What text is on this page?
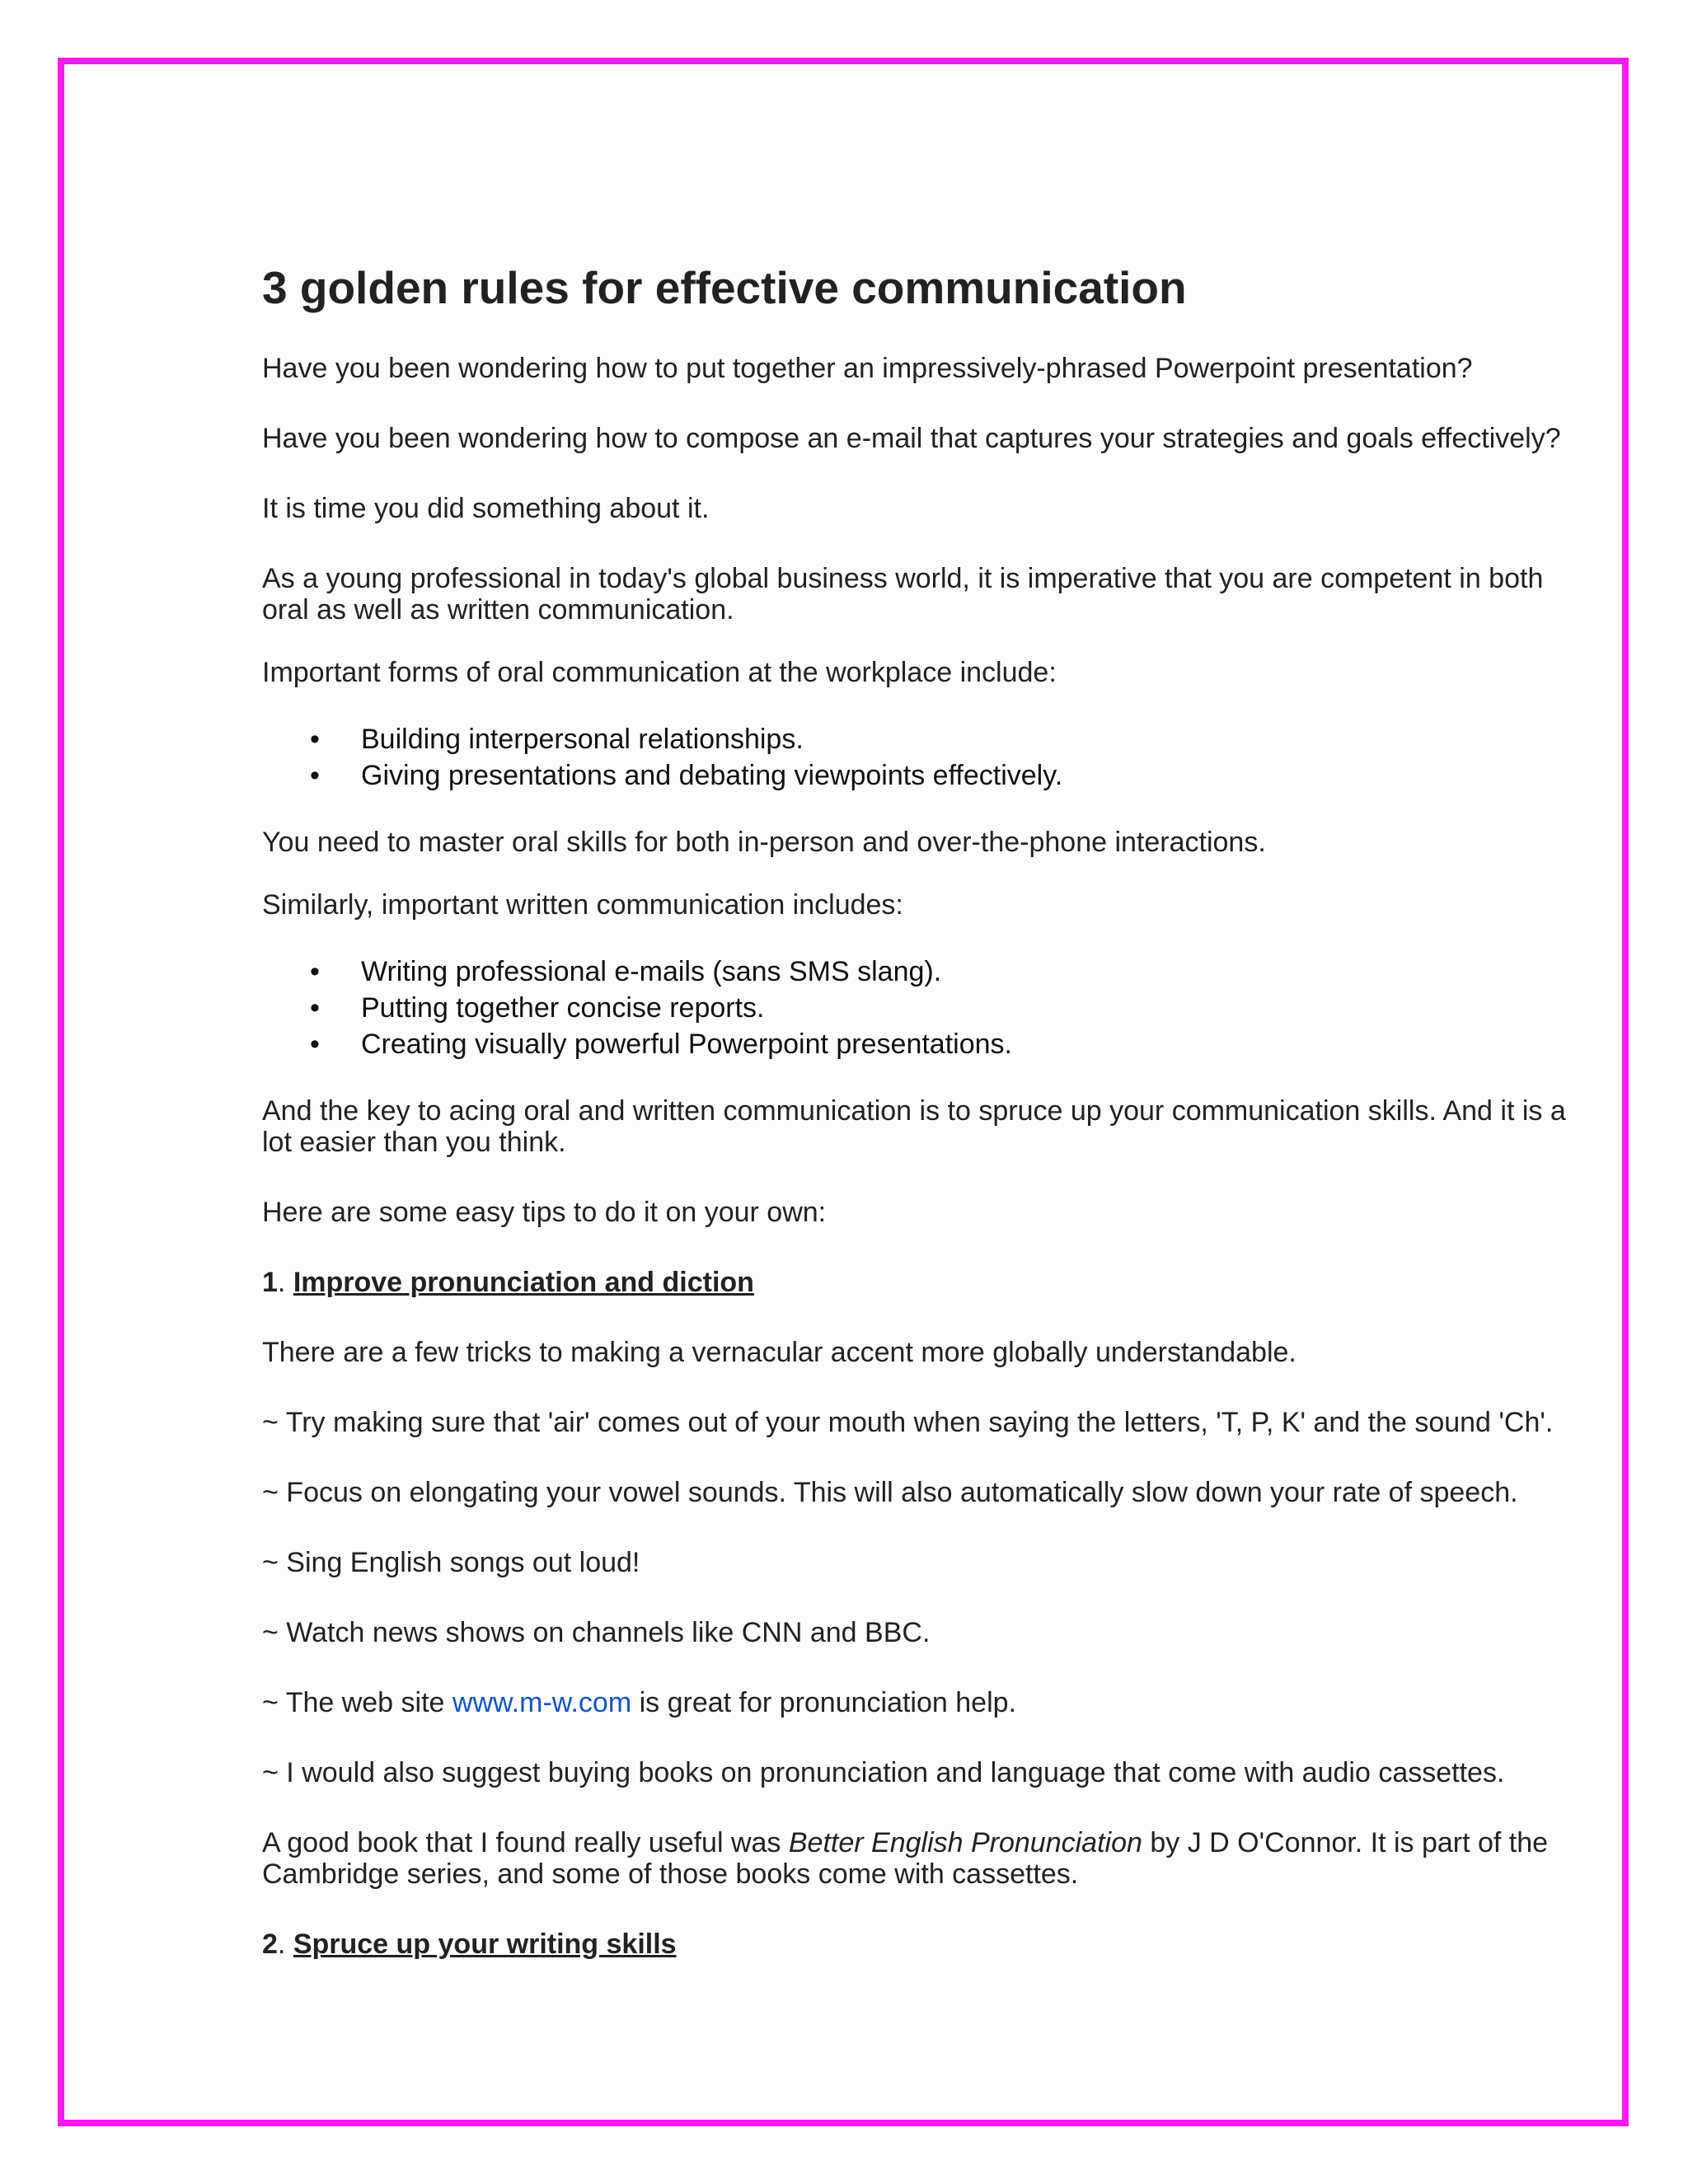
3 golden rules for effective communication

Have you been wondering how to put together an impressively-phrased Powerpoint presentation?

Have you been wondering how to compose an e-mail that captures your strategies and goals effectively?

It is time you did something about it.

As a young professional in today's global business world, it is imperative that you are competent in both
oral as well as written communication.

Important forms of oral communication at the workplace include:

• Building interpersonal relationships.
• Giving presentations and debating viewpoints effectively.

You need to master oral skills for both in-person and over-the-phone interactions.

Similarly, important written communication includes:

• Writing professional e-mails (sans SMS slang).
• Putting together concise reports.
• Creating visually powerful Powerpoint presentations.

And the key to acing oral and written communication is to spruce up your communication skills. And it is a
lot easier than you think.

Here are some easy tips to do it on your own:

1. Improve pronunciation and diction

There are a few tricks to making a vernacular accent more globally understandable.

~ Try making sure that 'air' comes out of your mouth when saying the letters, 'T, P, K' and the sound 'Ch'.

~ Focus on elongating your vowel sounds. This will also automatically slow down your rate of speech.

~ Sing English songs out loud!

~ Watch news shows on channels like CNN and BBC.

~ The web site www.m-w.com is great for pronunciation help.

~ I would also suggest buying books on pronunciation and language that come with audio cassettes.

A good book that I found really useful was Better English Pronunciation by J D O'Connor. It is part of the
Cambridge series, and some of those books come with cassettes.

2. Spruce up your writing skills
